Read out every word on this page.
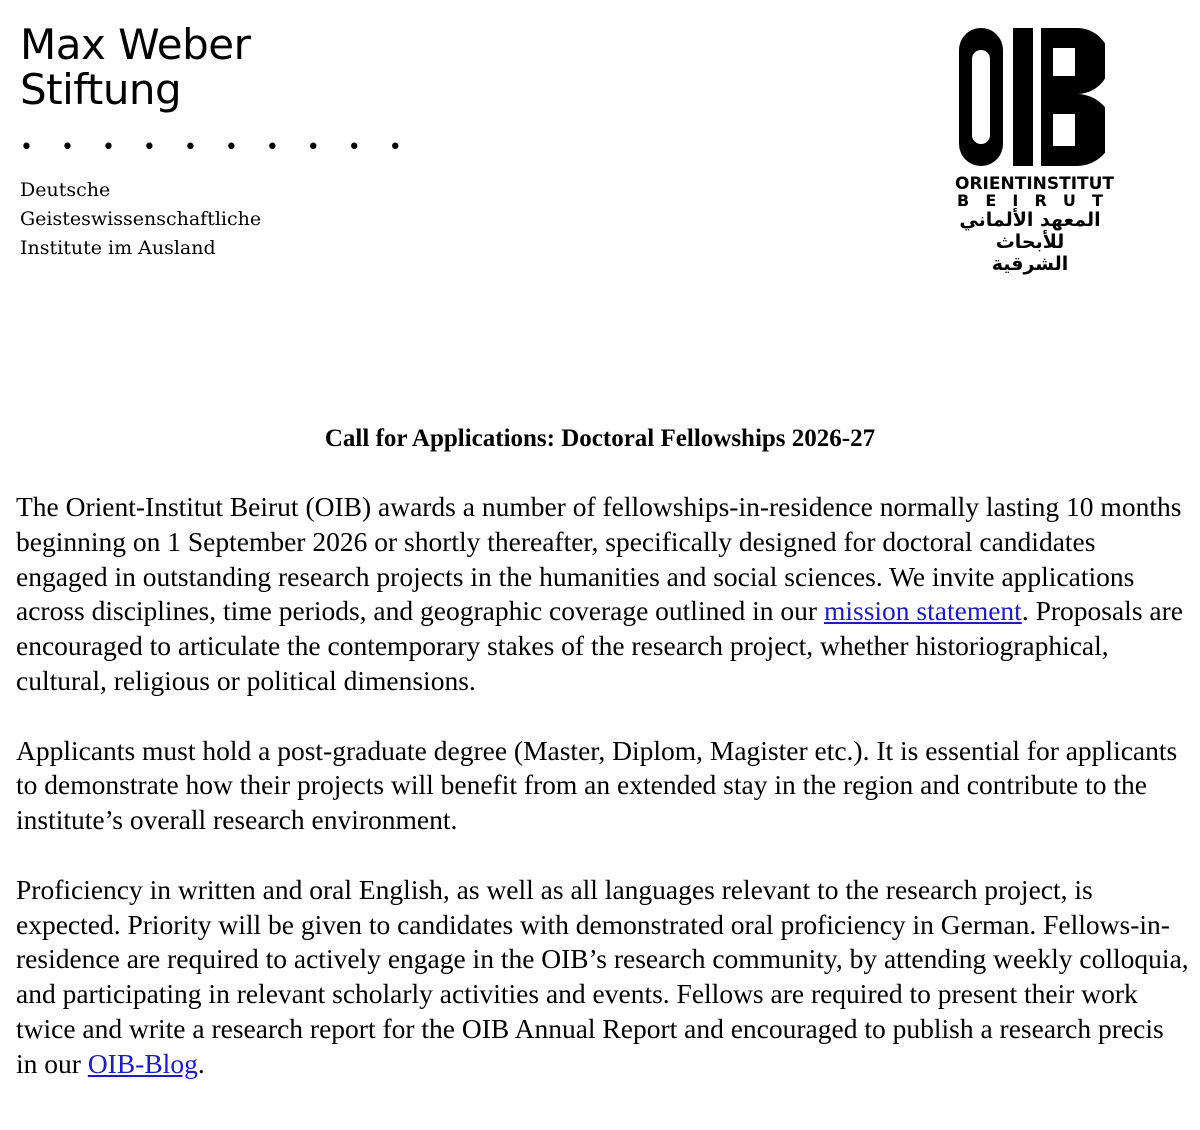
Max Weber
Stiftung
• • • • • • • • • •
Deutsche
Geisteswissenschaftliche
Institute im Ausland
ORIENT INSTITUT
B E I R U T
المعهد الألماني
للأبحاث الشرقية
Call for Applications: Doctoral Fellowships 2026-27

The Orient-Institut Beirut (OIB) awards a number of fellowships-in-residence normally lasting 10 months beginning on 1 September 2026 or shortly thereafter, specifically designed for doctoral candidates engaged in outstanding research projects in the humanities and social sciences. We invite applications across disciplines, time periods, and geographic coverage outlined in our mission statement. Proposals are encouraged to articulate the contemporary stakes of the research project, whether historiographical, cultural, religious or political dimensions.

Applicants must hold a post-graduate degree (Master, Diplom, Magister etc.). It is essential for applicants to demonstrate how their projects will benefit from an extended stay in the region and contribute to the institute’s overall research environment.

Proficiency in written and oral English, as well as all languages relevant to the research project, is expected. Priority will be given to candidates with demonstrated oral proficiency in German. Fellows-in-residence are required to actively engage in the OIB’s research community, by attending weekly colloquia, and participating in relevant scholarly activities and events. Fellows are required to present their work twice and write a research report for the OIB Annual Report and encouraged to publish a research precis in our OIB-Blog.
